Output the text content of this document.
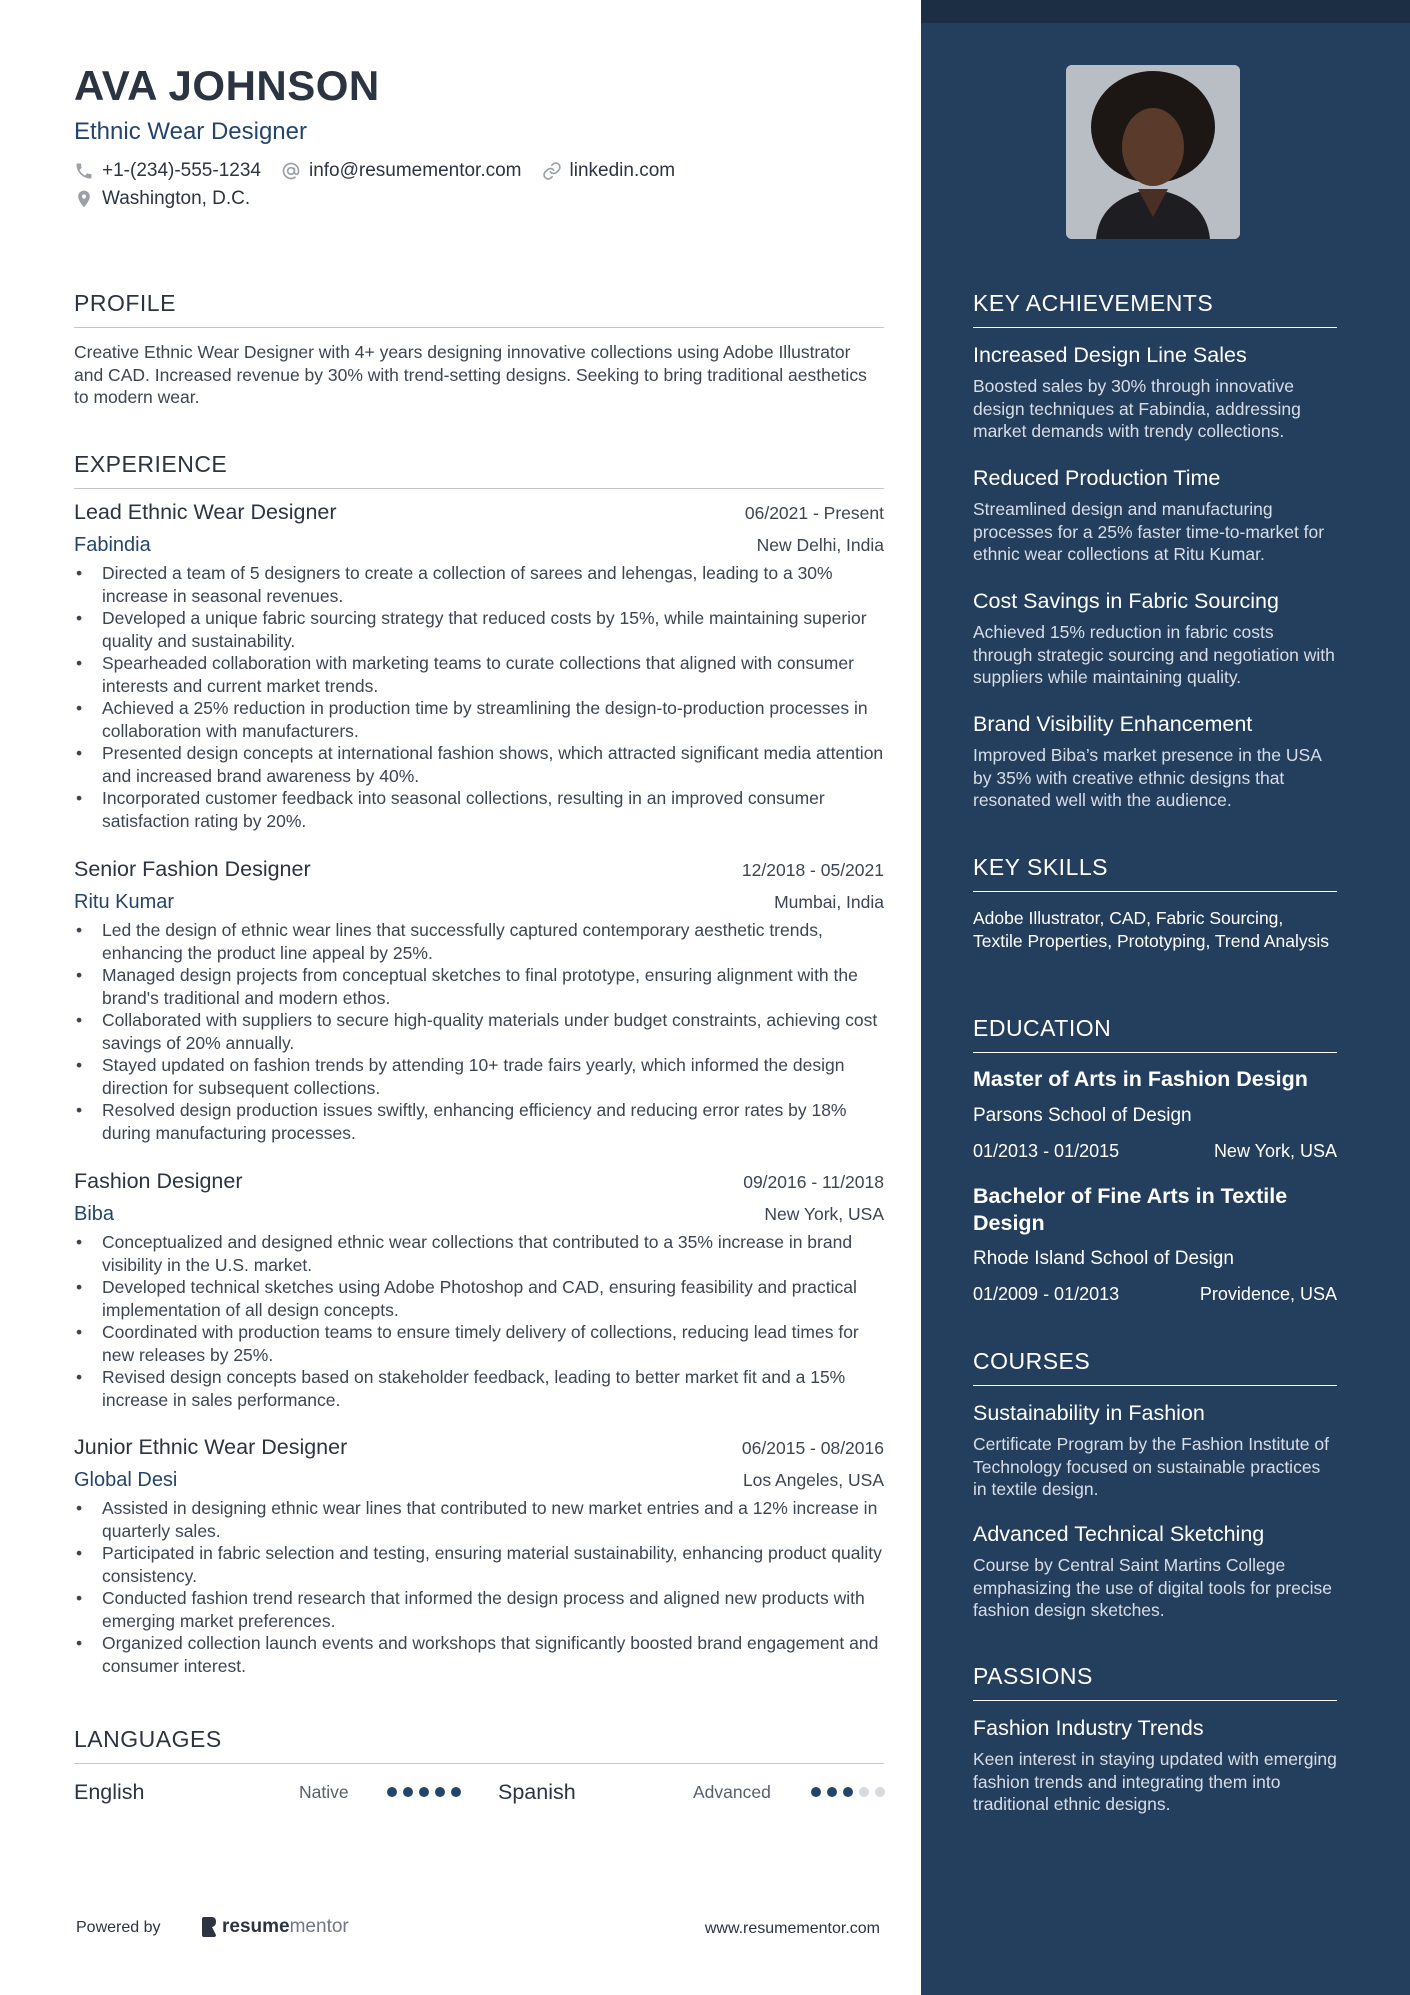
AVA JOHNSON
Ethnic Wear Designer
+1-(234)-555-1234	info@resumementor.com	linkedin.com
Washington, D.C.
PROFILE
Creative Ethnic Wear Designer with 4+ years designing innovative collections using Adobe Illustrator and CAD. Increased revenue by 30% with trend-setting designs. Seeking to bring traditional aesthetics to modern wear.
EXPERIENCE
Lead Ethnic Wear Designer	06/2021 - Present
Fabindia	New Delhi, India
• Directed a team of 5 designers to create a collection of sarees and lehengas, leading to a 30% increase in seasonal revenues.
• Developed a unique fabric sourcing strategy that reduced costs by 15%, while maintaining superior quality and sustainability.
• Spearheaded collaboration with marketing teams to curate collections that aligned with consumer interests and current market trends.
• Achieved a 25% reduction in production time by streamlining the design-to-production processes in collaboration with manufacturers.
• Presented design concepts at international fashion shows, which attracted significant media attention and increased brand awareness by 40%.
• Incorporated customer feedback into seasonal collections, resulting in an improved consumer satisfaction rating by 20%.
Senior Fashion Designer	12/2018 - 05/2021
Ritu Kumar	Mumbai, India
• Led the design of ethnic wear lines that successfully captured contemporary aesthetic trends, enhancing the product line appeal by 25%.
• Managed design projects from conceptual sketches to final prototype, ensuring alignment with the brand's traditional and modern ethos.
• Collaborated with suppliers to secure high-quality materials under budget constraints, achieving cost savings of 20% annually.
• Stayed updated on fashion trends by attending 10+ trade fairs yearly, which informed the design direction for subsequent collections.
• Resolved design production issues swiftly, enhancing efficiency and reducing error rates by 18% during manufacturing processes.
Fashion Designer	09/2016 - 11/2018
Biba	New York, USA
• Conceptualized and designed ethnic wear collections that contributed to a 35% increase in brand visibility in the U.S. market.
• Developed technical sketches using Adobe Photoshop and CAD, ensuring feasibility and practical implementation of all design concepts.
• Coordinated with production teams to ensure timely delivery of collections, reducing lead times for new releases by 25%.
• Revised design concepts based on stakeholder feedback, leading to better market fit and a 15% increase in sales performance.
Junior Ethnic Wear Designer	06/2015 - 08/2016
Global Desi	Los Angeles, USA
• Assisted in designing ethnic wear lines that contributed to new market entries and a 12% increase in quarterly sales.
• Participated in fabric selection and testing, ensuring material sustainability, enhancing product quality consistency.
• Conducted fashion trend research that informed the design process and aligned new products with emerging market preferences.
• Organized collection launch events and workshops that significantly boosted brand engagement and consumer interest.
LANGUAGES
English	Native	Spanish	Advanced
Powered by	resumementor	www.resumementor.com
KEY ACHIEVEMENTS
Increased Design Line Sales
Boosted sales by 30% through innovative design techniques at Fabindia, addressing market demands with trendy collections.
Reduced Production Time
Streamlined design and manufacturing processes for a 25% faster time-to-market for ethnic wear collections at Ritu Kumar.
Cost Savings in Fabric Sourcing
Achieved 15% reduction in fabric costs through strategic sourcing and negotiation with suppliers while maintaining quality.
Brand Visibility Enhancement
Improved Biba’s market presence in the USA by 35% with creative ethnic designs that resonated well with the audience.
KEY SKILLS
Adobe Illustrator, CAD, Fabric Sourcing, Textile Properties, Prototyping, Trend Analysis
EDUCATION
Master of Arts in Fashion Design
Parsons School of Design
01/2013 - 01/2015	New York, USA
Bachelor of Fine Arts in Textile Design
Rhode Island School of Design
01/2009 - 01/2013	Providence, USA
COURSES
Sustainability in Fashion
Certificate Program by the Fashion Institute of Technology focused on sustainable practices in textile design.
Advanced Technical Sketching
Course by Central Saint Martins College emphasizing the use of digital tools for precise fashion design sketches.
PASSIONS
Fashion Industry Trends
Keen interest in staying updated with emerging fashion trends and integrating them into traditional ethnic designs.
